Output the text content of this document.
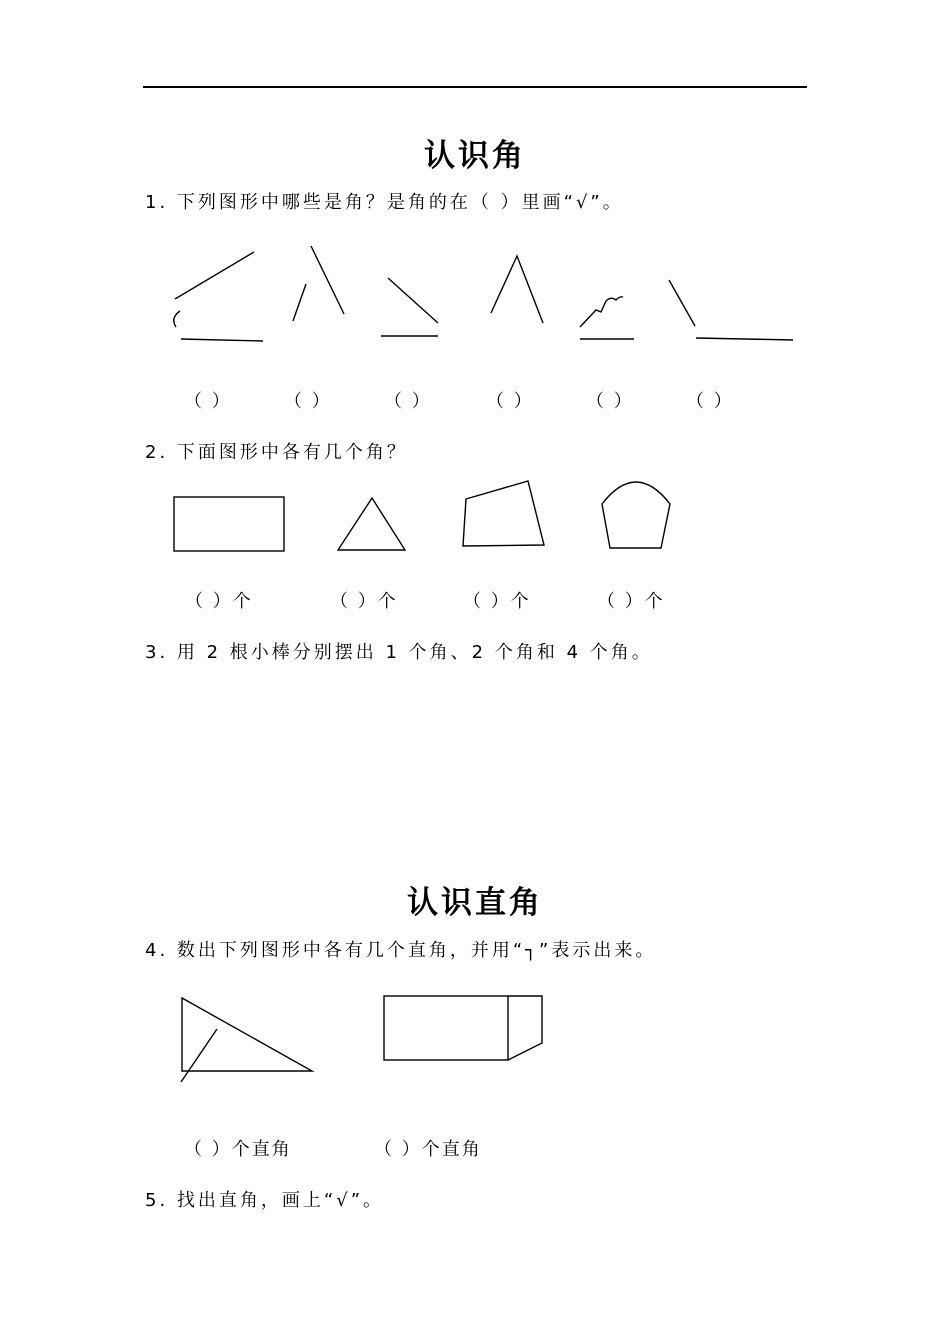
认识角
1. 下列图形中哪些是角？是角的在（ ）里画“√”。
（ ）	（ ）	（ ）	（ ）	（ ）	（ ）
2. 下面图形中各有几个角？
（ ）个	（ ）个	（ ）个	（ ）个
3. 用 2 根小棒分别摆出 1 个角、2 个角和 4 个角。
认识直角
4. 数出下列图形中各有几个直角，并用“┐”表示出来。
（ ）个直角	（ ）个直角
5. 找出直角，画上“√”。
